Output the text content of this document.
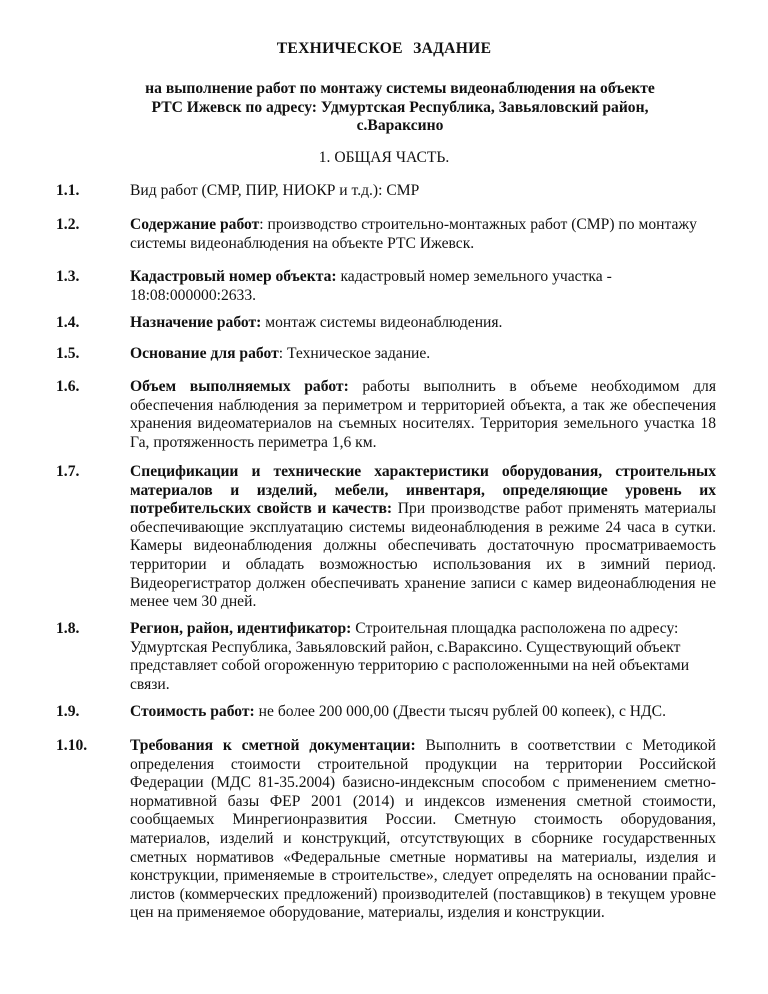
ТЕХНИЧЕСКОЕ ЗАДАНИЕ
на выполнение работ по монтажу системы видеонаблюдения на объекте
РТС Ижевск по адресу: Удмуртская Республика, Завьяловский район,
с.Вараксино
1. ОБЩАЯ ЧАСТЬ.
1.1.	Вид работ (СМР, ПИР, НИОКР и т.д.): СМР
1.2.	Содержание работ: производство строительно-монтажных работ (СМР) по монтажу системы видеонаблюдения на объекте РТС Ижевск.
1.3.	Кадастровый номер объекта: кадастровый номер земельного участка - 18:08:000000:2633.
1.4.	Назначение работ: монтаж системы видеонаблюдения.
1.5.	Основание для работ: Техническое задание.
1.6.	Объем выполняемых работ: работы выполнить в объеме необходимом для обеспечения наблюдения за периметром и территорией объекта, а так же обеспечения хранения видеоматериалов на съемных носителях. Территория земельного участка 18 Га, протяженность периметра 1,6 км.
1.7.	Спецификации и технические характеристики оборудования, строительных материалов и изделий, мебели, инвентаря, определяющие уровень их потребительских свойств и качеств: При производстве работ применять материалы обеспечивающие эксплуатацию системы видеонаблюдения в режиме 24 часа в сутки. Камеры видеонаблюдения должны обеспечивать достаточную просматриваемость территории и обладать возможностью использования их в зимний период. Видеорегистратор должен обеспечивать хранение записи с камер видеонаблюдения не менее чем 30 дней.
1.8.	Регион, район, идентификатор: Строительная площадка расположена по адресу: Удмуртская Республика, Завьяловский район, с.Вараксино. Существующий объект представляет собой огороженную территорию с расположенными на ней объектами связи.
1.9.	Стоимость работ: не более 200 000,00 (Двести тысяч рублей 00 копеек), с НДС.
1.10.	Требования к сметной документации: Выполнить в соответствии с Методикой определения стоимости строительной продукции на территории Российской Федерации (МДС 81-35.2004) базисно-индексным способом с применением сметно-нормативной базы ФЕР 2001 (2014) и индексов изменения сметной стоимости, сообщаемых Минрегионразвития России. Сметную стоимость оборудования, материалов, изделий и конструкций, отсутствующих в сборнике государственных сметных нормативов «Федеральные сметные нормативы на материалы, изделия и конструкции, применяемые в строительстве», следует определять на основании прайс-листов (коммерческих предложений) производителей (поставщиков) в текущем уровне цен на применяемое оборудование, материалы, изделия и конструкции.
